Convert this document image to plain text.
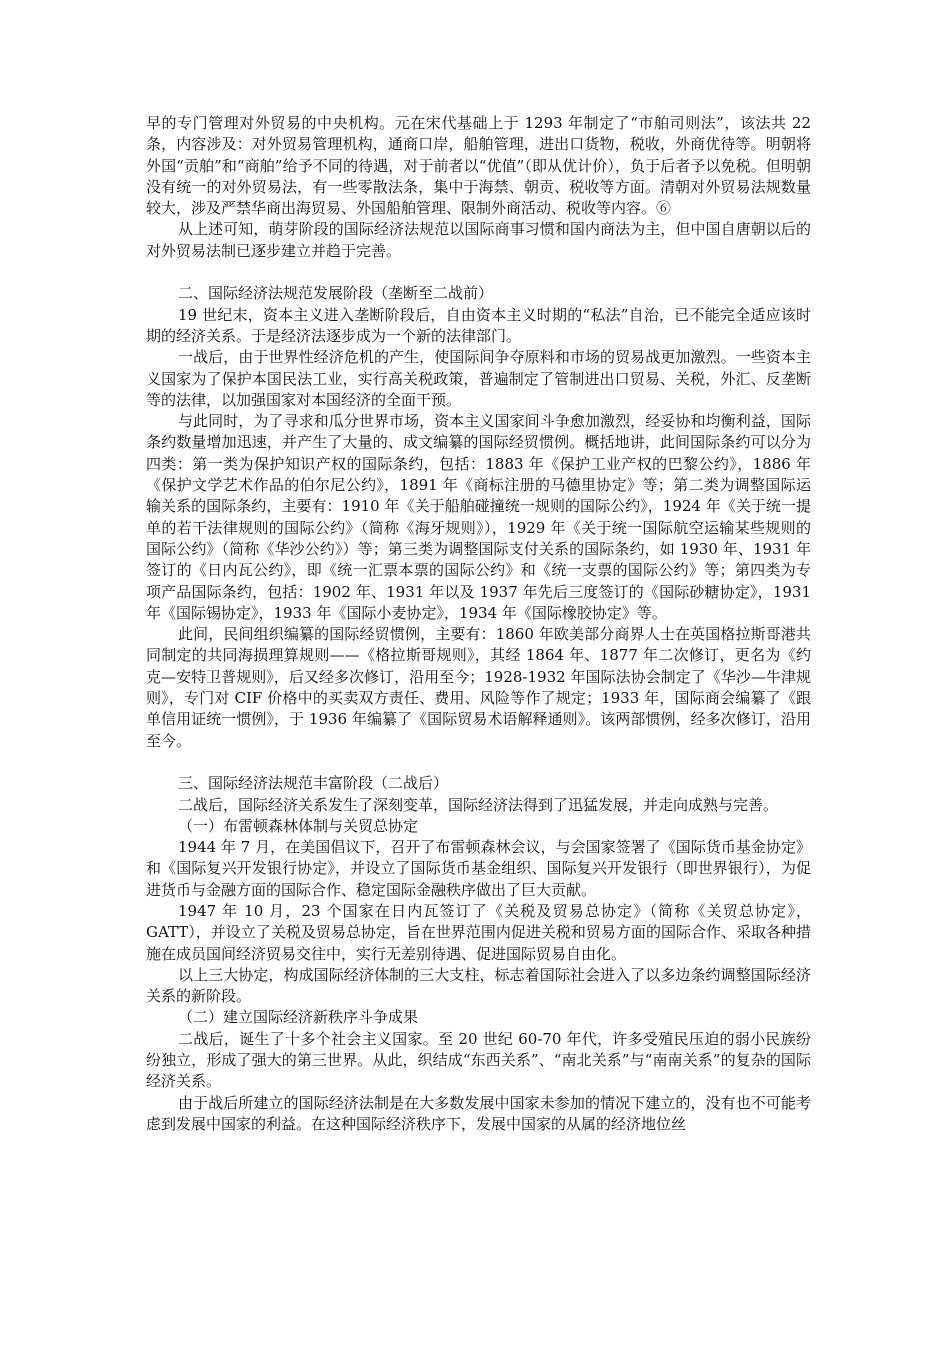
早的专门管理对外贸易的中央机构。元在宋代基础上于 1293 年制定了“市舶司则法”，该法共 22 条，内容涉及：对外贸易管理机构，通商口岸，船舶管理，进出口货物，税收，外商优待等。明朝将外国“贡舶”和“商舶”给予不同的待遇，对于前者以“优值”（即从优计价），负于后者予以免税。但明朝没有统一的对外贸易法，有一些零散法条，集中于海禁、朝贡、税收等方面。清朝对外贸易法规数量较大，涉及严禁华商出海贸易、外国船舶管理、限制外商活动、税收等内容。⑥

从上述可知，萌芽阶段的国际经济法规范以国际商事习惯和国内商法为主，但中国自唐朝以后的对外贸易法制已逐步建立并趋于完善。

二、国际经济法规范发展阶段（垄断至二战前）

19 世纪末，资本主义进入垄断阶段后，自由资本主义时期的“私法”自治，已不能完全适应该时期的经济关系。于是经济法逐步成为一个新的法律部门。

一战后，由于世界性经济危机的产生，使国际间争夺原料和市场的贸易战更加激烈。一些资本主义国家为了保护本国民法工业，实行高关税政策，普遍制定了管制进出口贸易、关税，外汇、反垄断等的法律，以加强国家对本国经济的全面干预。

与此同时，为了寻求和瓜分世界市场，资本主义国家间斗争愈加激烈，经妥协和均衡利益，国际条约数量增加迅速，并产生了大量的、成文编纂的国际经贸惯例。概括地讲，此间国际条约可以分为四类：第一类为保护知识产权的国际条约，包括：1883 年《保护工业产权的巴黎公约》，1886 年《保护文学艺术作品的伯尔尼公约》，1891 年《商标注册的马德里协定》等；第二类为调整国际运输关系的国际条约，主要有：1910 年《关于船舶碰撞统一规则的国际公约》，1924 年《关于统一提单的若干法律规则的国际公约》（简称《海牙规则》），1929 年《关于统一国际航空运输某些规则的国际公约》（简称《华沙公约》）等；第三类为调整国际支付关系的国际条约，如 1930 年、1931 年签订的《日内瓦公约》，即《统一汇票本票的国际公约》和《统一支票的国际公约》等；第四类为专项产品国际条约，包括：1902 年、1931 年以及 1937 年先后三度签订的《国际砂糖协定》，1931 年《国际锡协定》，1933 年《国际小麦协定》，1934 年《国际橡胶协定》等。

此间，民间组织编纂的国际经贸惯例，主要有：1860 年欧美部分商界人士在英国格拉斯哥港共同制定的共同海损理算规则——《格拉斯哥规则》，其经 1864 年、1877 年二次修订，更名为《约克—安特卫普规则》，后又经多次修订，沿用至今；1928-1932 年国际法协会制定了《华沙—牛津规则》，专门对 CIF 价格中的买卖双方责任、费用、风险等作了规定；1933 年，国际商会编纂了《跟单信用证统一惯例》，于 1936 年编纂了《国际贸易术语解释通则》。该两部惯例，经多次修订，沿用至今。

三、国际经济法规范丰富阶段（二战后）

二战后，国际经济关系发生了深刻变革，国际经济法得到了迅猛发展，并走向成熟与完善。

（一）布雷顿森林体制与关贸总协定

1944 年 7 月，在美国倡议下，召开了布雷顿森林会议，与会国家签署了《国际货币基金协定》和《国际复兴开发银行协定》，并设立了国际货币基金组织、国际复兴开发银行（即世界银行），为促进货币与金融方面的国际合作、稳定国际金融秩序做出了巨大贡献。

1947 年 10 月，23 个国家在日内瓦签订了《关税及贸易总协定》（简称《关贸总协定》，GATT），并设立了关税及贸易总协定，旨在世界范围内促进关税和贸易方面的国际合作、采取各种措施在成员国间经济贸易交往中，实行无差别待遇、促进国际贸易自由化。

以上三大协定，构成国际经济体制的三大支柱，标志着国际社会进入了以多边条约调整国际经济关系的新阶段。

（二）建立国际经济新秩序斗争成果

二战后，诞生了十多个社会主义国家。至 20 世纪 60-70 年代，许多受殖民压迫的弱小民族纷纷独立，形成了强大的第三世界。从此，织结成“东西关系”、“南北关系”与“南南关系”的复杂的国际经济关系。

由于战后所建立的国际经济法制是在大多数发展中国家未参加的情况下建立的，没有也不可能考虑到发展中国家的利益。在这种国际经济秩序下，发展中国家的从属的经济地位丝
